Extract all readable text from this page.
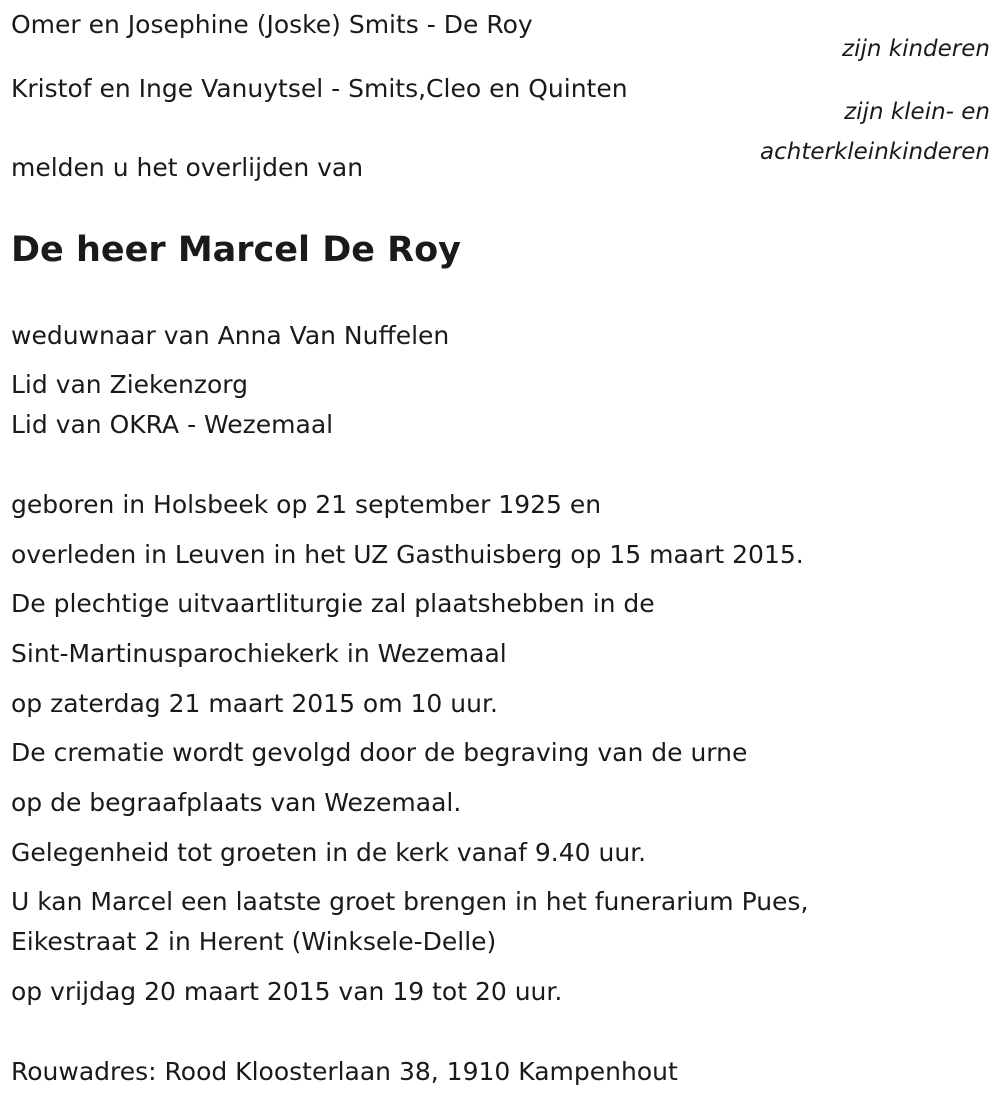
Omer en Josephine (Joske) Smits - De Roy

zijn kinderen

Kristof en Inge Vanuytsel - Smits,Cleo en Quinten

zijn klein- en
achterkleinkinderen

melden u het overlijden van

De heer Marcel De Roy

weduwnaar van Anna Van Nuffelen

Lid van Ziekenzorg

Lid van OKRA - Wezemaal

geboren in Holsbeek op 21 september 1925 en

overleden in Leuven in het UZ Gasthuisberg op 15 maart 2015.

De plechtige uitvaartliturgie zal plaatshebben in de

Sint-Martinusparochiekerk in Wezemaal

op zaterdag 21 maart 2015 om 10 uur.

De crematie wordt gevolgd door de begraving van de urne

op de begraafplaats van Wezemaal.

Gelegenheid tot groeten in de kerk vanaf 9.40 uur.

U kan Marcel een laatste groet brengen in het funerarium Pues,

Eikestraat 2 in Herent (Winksele-Delle)

op vrijdag 20 maart 2015 van 19 tot 20 uur.

Rouwadres: Rood Kloosterlaan 38, 1910 Kampenhout
